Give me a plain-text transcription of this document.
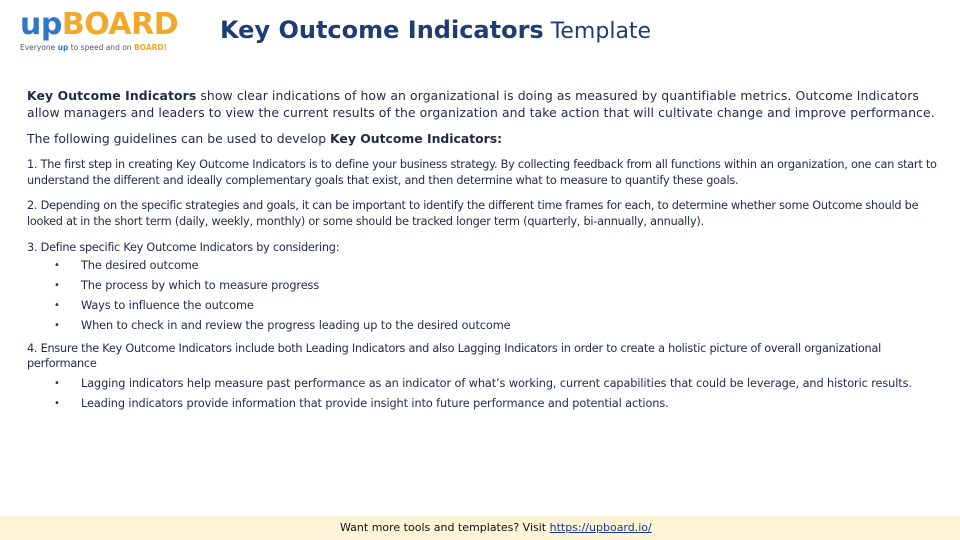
upBOARD
Everyone up to speed and on BOARD!
Key Outcome Indicators Template

Key Outcome Indicators show clear indications of how an organizational is doing as measured by quantifiable metrics. Outcome Indicators allow managers and leaders to view the current results of the organization and take action that will cultivate change and improve performance.

The following guidelines can be used to develop Key Outcome Indicators:

1. The first step in creating Key Outcome Indicators is to define your business strategy. By collecting feedback from all functions within an organization, one can start to understand the different and ideally complementary goals that exist, and then determine what to measure to quantify these goals.

2. Depending on the specific strategies and goals, it can be important to identify the different time frames for each, to determine whether some Outcome should be looked at in the short term (daily, weekly, monthly) or some should be tracked longer term (quarterly, bi-annually, annually).

3. Define specific Key Outcome Indicators by considering:

• The desired outcome
• The process by which to measure progress
• Ways to influence the outcome
• When to check in and review the progress leading up to the desired outcome

4. Ensure the Key Outcome Indicators include both Leading Indicators and also Lagging Indicators in order to create a holistic picture of overall organizational performance

• Lagging indicators help measure past performance as an indicator of what’s working, current capabilities that could be leverage, and historic results.
• Leading indicators provide information that provide insight into future performance and potential actions.
Want more tools and templates? Visit https://upboard.io/
